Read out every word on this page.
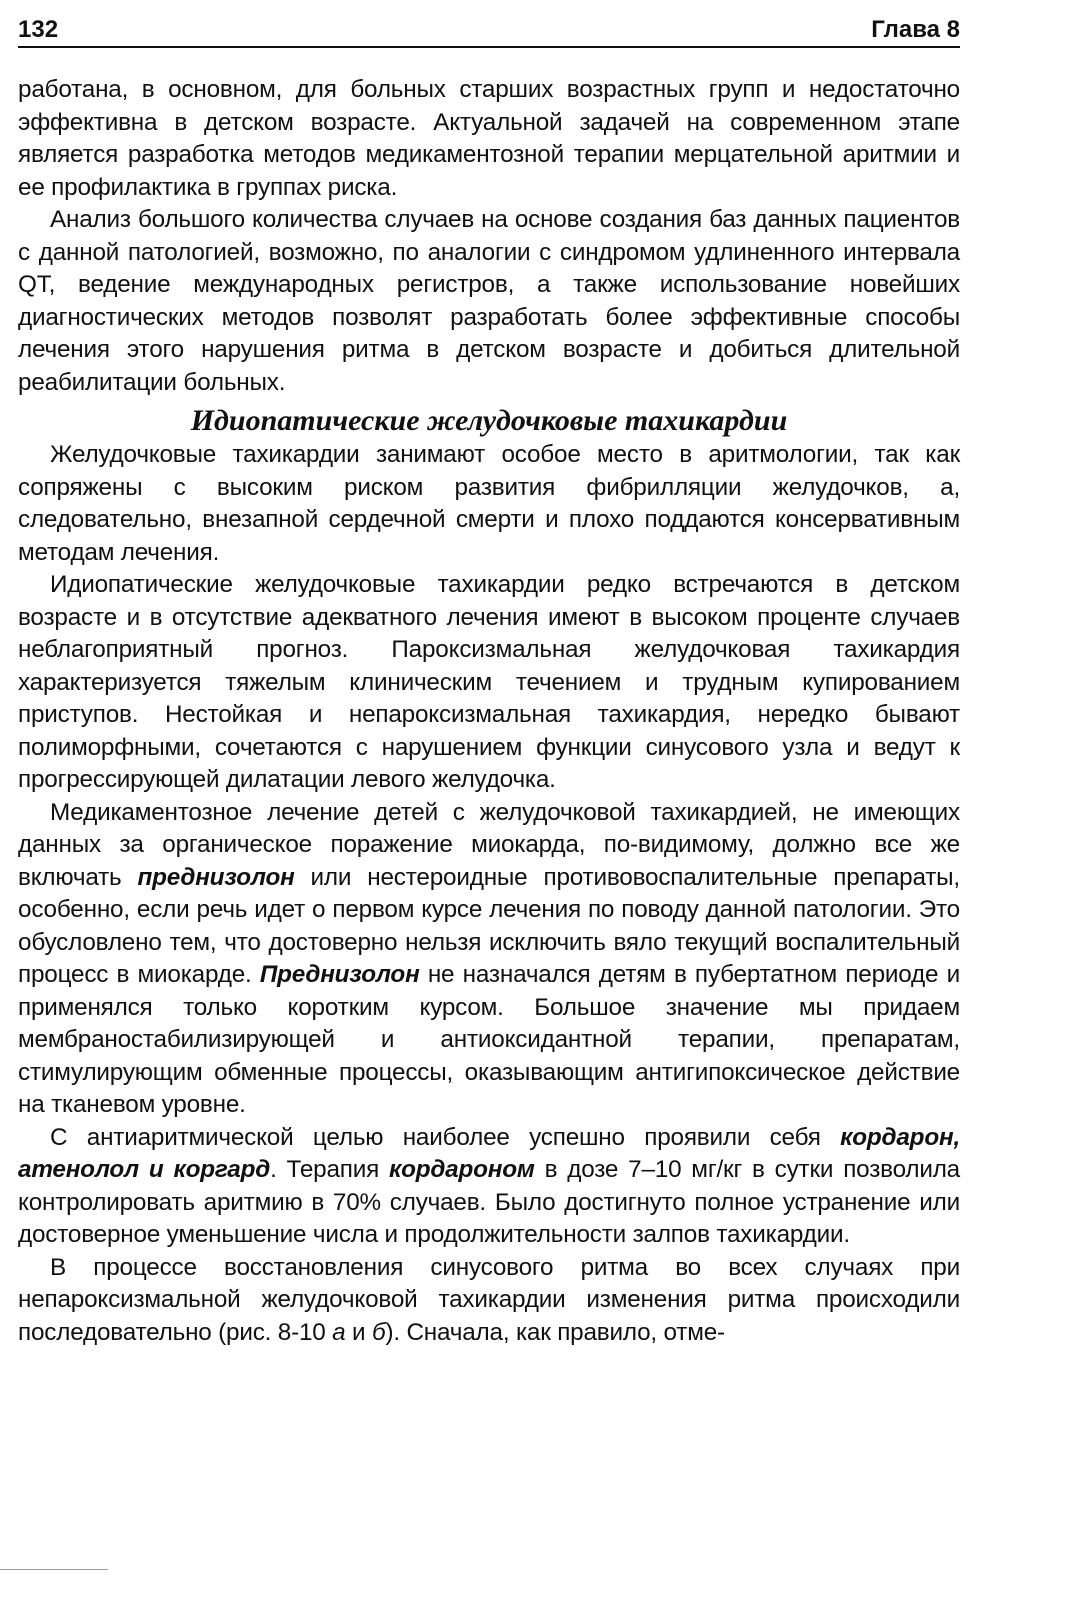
132	Глава 8

работана, в основном, для больных старших возрастных групп и недостаточно эффективна в детском возрасте. Актуальной задачей на современном этапе является разработка методов медикаментозной терапии мерцательной аритмии и ее профилактика в группах риска.

Анализ большого количества случаев на основе создания баз данных пациентов с данной патологией, возможно, по аналогии с синдромом удлиненного интервала QT, ведение международных регистров, а также использование новейших диагностических методов позволят разработать более эффективные способы лечения этого нарушения ритма в детском возрасте и добиться длительной реабилитации больных.

Идиопатические желудочковые тахикардии

Желудочковые тахикардии занимают особое место в аритмологии, так как сопряжены с высоким риском развития фибрилляции желудочков, а, следовательно, внезапной сердечной смерти и плохо поддаются консервативным методам лечения.

Идиопатические желудочковые тахикардии редко встречаются в детском возрасте и в отсутствие адекватного лечения имеют в высоком проценте случаев неблагоприятный прогноз. Пароксизмальная желудочковая тахикардия характеризуется тяжелым клиническим течением и трудным купированием приступов. Нестойкая и непароксизмальная тахикардия, нередко бывают полиморфными, сочетаются с нарушением функции синусового узла и ведут к прогрессирующей дилатации левого желудочка.

Медикаментозное лечение детей с желудочковой тахикардией, не имеющих данных за органическое поражение миокарда, по-видимому, должно все же включать преднизолон или нестероидные противовоспалительные препараты, особенно, если речь идет о первом курсе лечения по поводу данной патологии. Это обусловлено тем, что достоверно нельзя исключить вяло текущий воспалительный процесс в миокарде. Преднизолон не назначался детям в пубертатном периоде и применялся только коротким курсом. Большое значение мы придаем мембраностабилизирующей и антиоксидантной терапии, препаратам, стимулирующим обменные процессы, оказывающим антигипоксическое действие на тканевом уровне.

С антиаритмической целью наиболее успешно проявили себя кордарон, атенолол и коргард. Терапия кордароном в дозе 7–10 мг/кг в сутки позволила контролировать аритмию в 70% случаев. Было достигнуто полное устранение или достоверное уменьшение числа и продолжительности залпов тахикардии.

В процессе восстановления синусового ритма во всех случаях при непароксизмальной желудочковой тахикардии изменения ритма происходили последовательно (рис. 8-10 а и б). Сначала, как правило, отме-
